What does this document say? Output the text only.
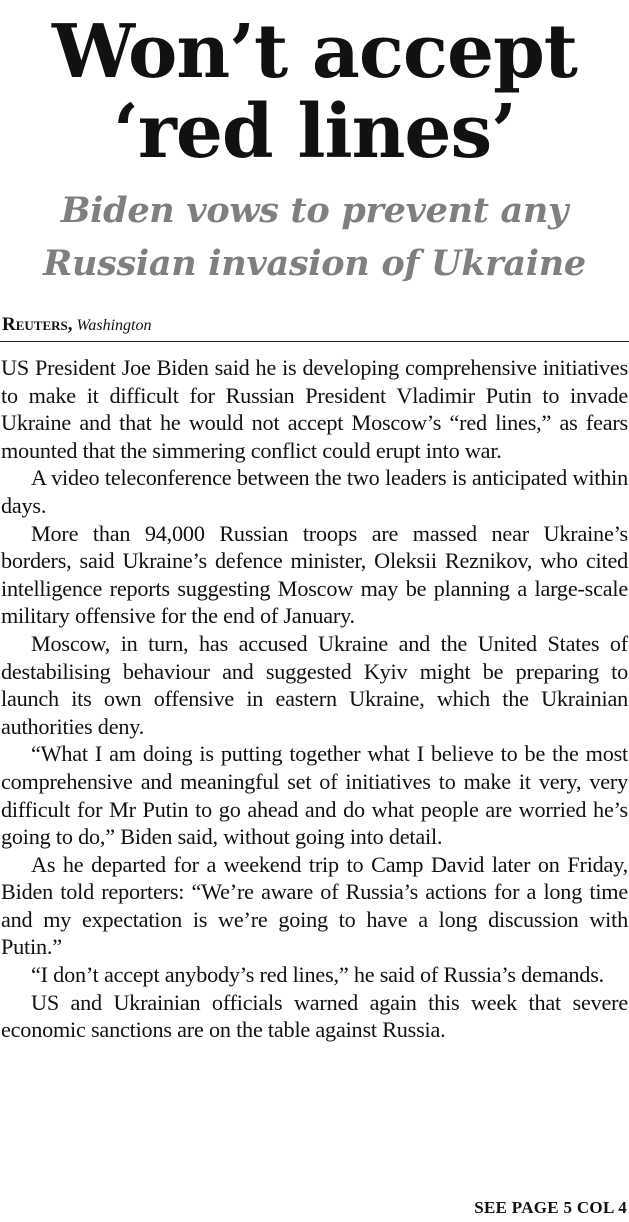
Won’t accept
‘red lines’
Biden vows to prevent any
Russian invasion of Ukraine
Reuters, Washington

US President Joe Biden said he is developing comprehensive initiatives to make it difficult for Russian President Vladimir Putin to invade Ukraine and that he would not accept Moscow’s “red lines,” as fears mounted that the simmering conflict could erupt into war.

A video teleconference between the two leaders is anticipated within days.

More than 94,000 Russian troops are massed near Ukraine’s borders, said Ukraine’s defence minister, Oleksii Reznikov, who cited intelligence reports suggesting Moscow may be planning a large-scale military offensive for the end of January.

Moscow, in turn, has accused Ukraine and the United States of destabilising behaviour and suggested Kyiv might be preparing to launch its own offensive in eastern Ukraine, which the Ukrainian authorities deny.

“What I am doing is putting together what I believe to be the most comprehensive and meaningful set of initiatives to make it very, very difficult for Mr Putin to go ahead and do what people are worried he’s going to do,” Biden said, without going into detail.

As he departed for a weekend trip to Camp David later on Friday, Biden told reporters: “We’re aware of Russia’s actions for a long time and my expectation is we’re going to have a long discussion with Putin.”

“I don’t accept anybody’s red lines,” he said of Russia’s demands.

US and Ukrainian officials warned again this week that severe economic sanctions are on the table against Russia.

SEE PAGE 5 COL 4
